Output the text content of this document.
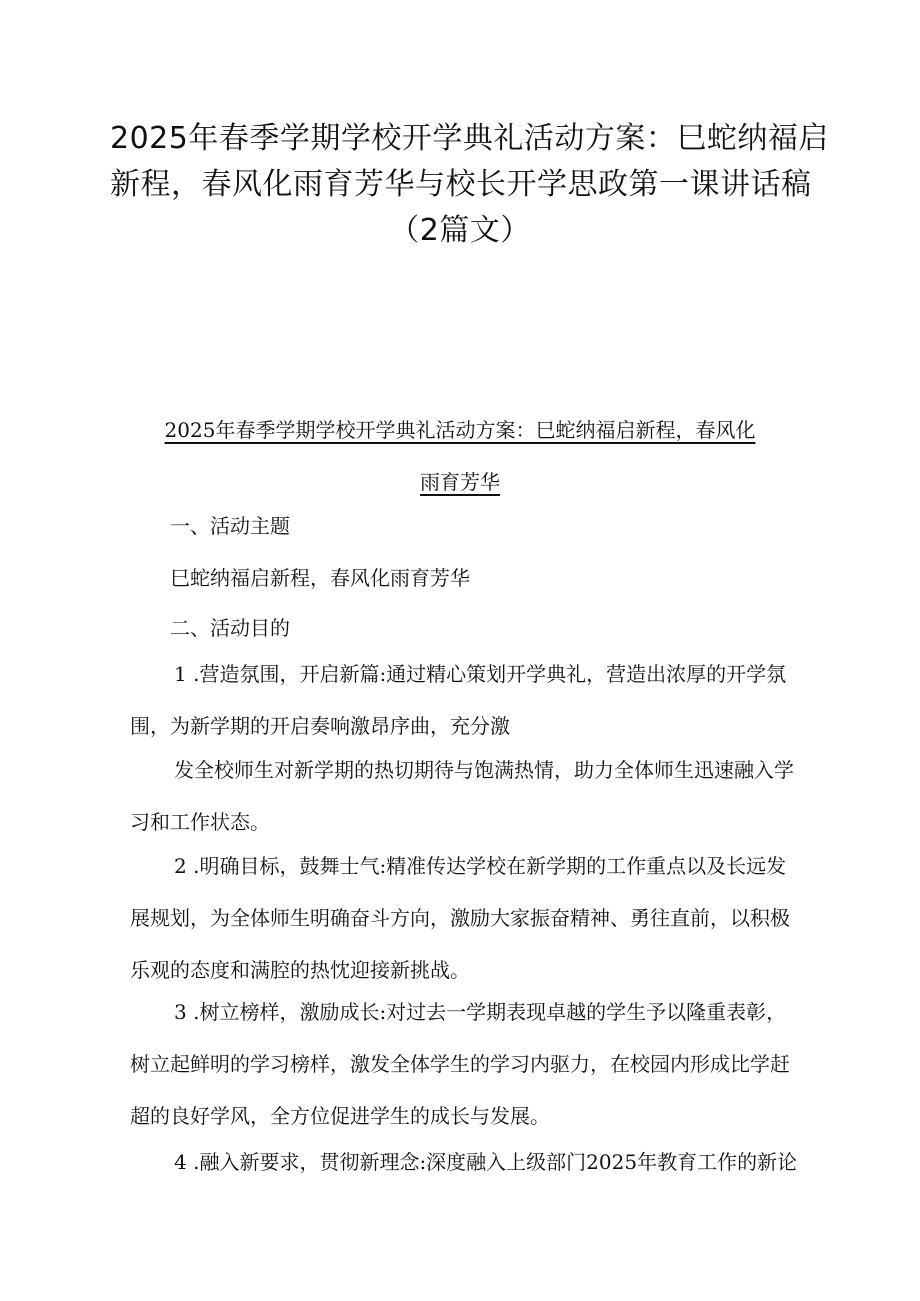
2025年春季学期学校开学典礼活动方案：巳蛇纳福启
新程，春风化雨育芳华与校长开学思政第一课讲话稿
（2篇文）
2025年春季学期学校开学典礼活动方案：巳蛇纳福启新程，春风化
雨育芳华
一、活动主题
巳蛇纳福启新程，春风化雨育芳华
二、活动目的
1 .营造氛围，开启新篇:通过精心策划开学典礼，营造出浓厚的开学氛
围，为新学期的开启奏响激昂序曲，充分激
发全校师生对新学期的热切期待与饱满热情，助力全体师生迅速融入学
习和工作状态。
2 .明确目标，鼓舞士气:精准传达学校在新学期的工作重点以及长远发
展规划，为全体师生明确奋斗方向，激励大家振奋精神、勇往直前，以积极
乐观的态度和满腔的热忱迎接新挑战。
3 .树立榜样，激励成长:对过去一学期表现卓越的学生予以隆重表彰，
树立起鲜明的学习榜样，激发全体学生的学习内驱力，在校园内形成比学赶
超的良好学风，全方位促进学生的成长与发展。
4 .融入新要求，贯彻新理念:深度融入上级部门2025年教育工作的新论
